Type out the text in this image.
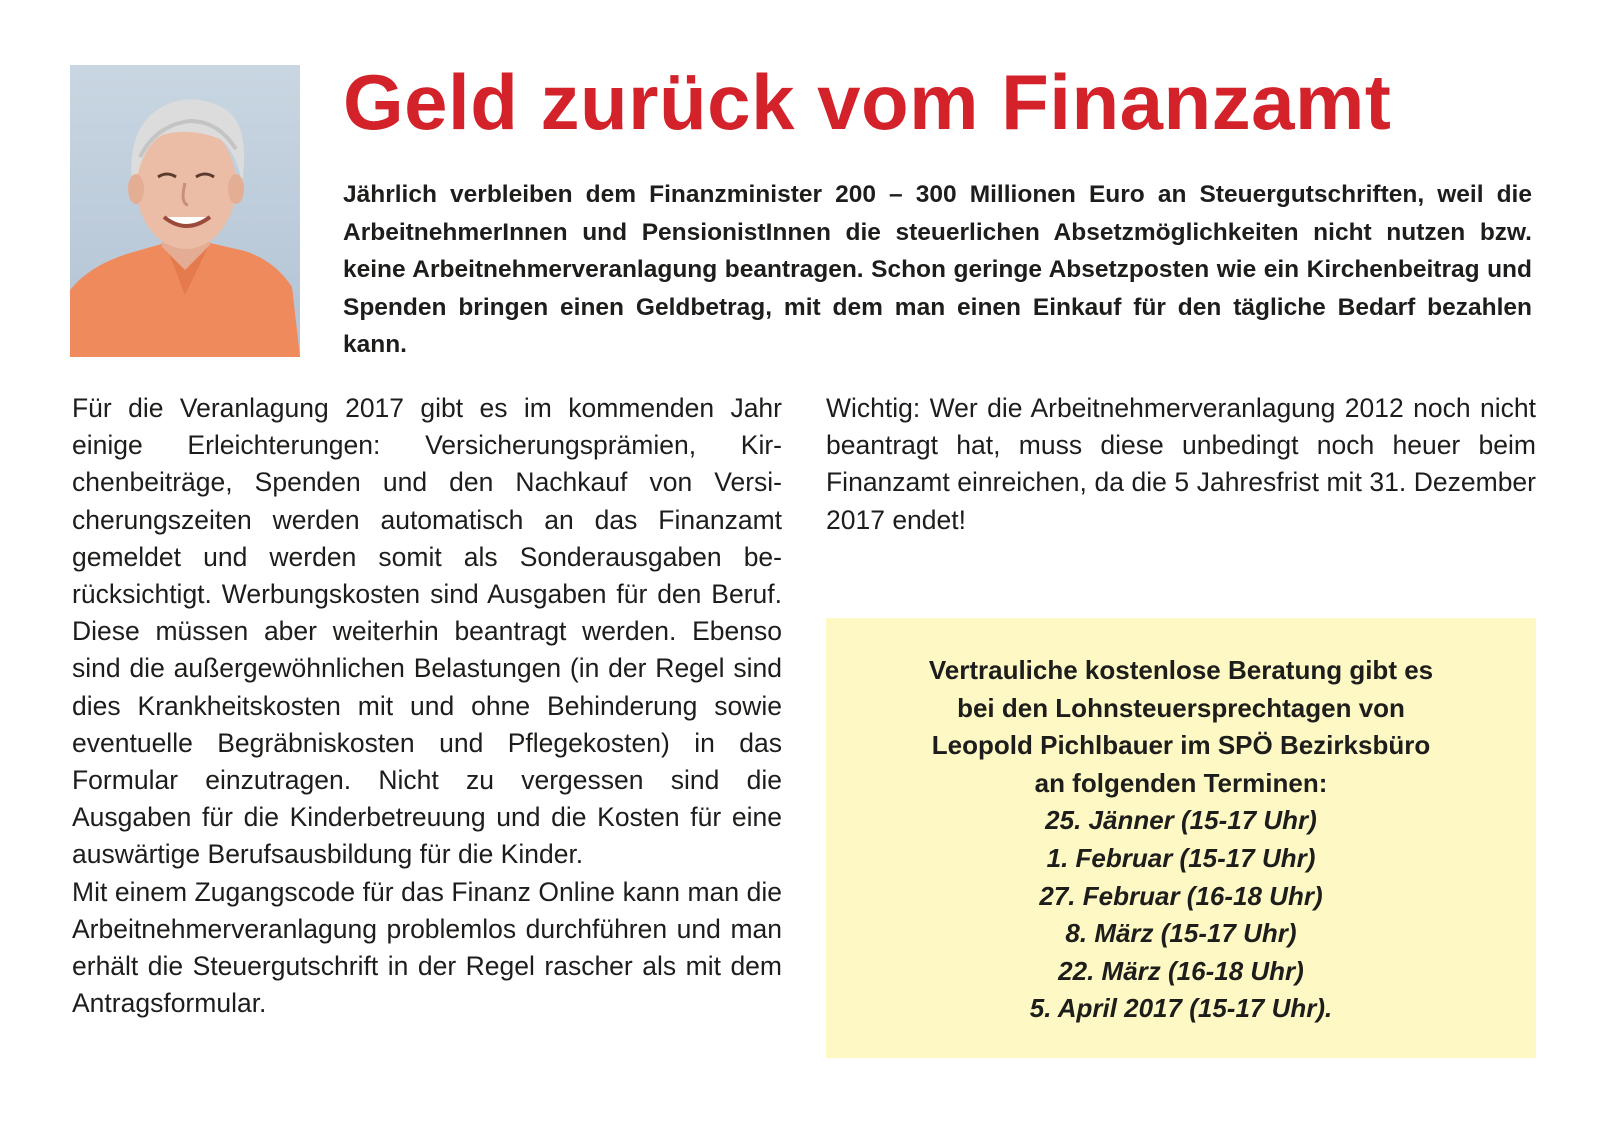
Geld zurück vom Finanzamt

Jährlich verbleiben dem Finanzminister 200 – 300 Millionen Euro an Steuergutschriften, weil die ArbeitnehmerInnen und PensionistInnen die steuerlichen Absetzmöglichkeiten nicht nutzen bzw. keine Arbeitnehmerveranlagung beantragen. Schon geringe Absetzposten wie ein Kirchenbeitrag und Spenden bringen einen Geldbetrag, mit dem man einen Einkauf für den tägliche Bedarf bezahlen kann.

Für die Veranlagung 2017 gibt es im kommenden Jahr einige Erleichterungen: Versicherungsprämien, Kirchenbeiträge, Spenden und den Nachkauf von Versicherungszeiten werden automatisch an das Finanzamt gemeldet und werden somit als Sonderausgaben berücksichtigt. Werbungskosten sind Ausgaben für den Beruf. Diese müssen aber weiterhin beantragt werden. Ebenso sind die außergewöhnlichen Belastungen (in der Regel sind dies Krankheitskosten mit und ohne Behinderung sowie eventuelle Begräbniskosten und Pflegekosten) in das Formular einzutragen. Nicht zu vergessen sind die Ausgaben für die Kinderbetreuung und die Kosten für eine auswärtige Berufsausbildung für die Kinder.

Mit einem Zugangscode für das Finanz Online kann man die Arbeitnehmerveranlagung problemlos durchführen und man erhält die Steuergutschrift in der Regel rascher als mit dem Antragsformular.

Wichtig: Wer die Arbeitnehmerveranlagung 2012 noch nicht beantragt hat, muss diese unbedingt noch heuer beim Finanzamt einreichen, da die 5 Jahresfrist mit 31. Dezember 2017 endet!

Vertrauliche kostenlose Beratung gibt es

bei den Lohnsteuersprechtagen von

Leopold Pichlbauer im SPÖ Bezirksbüro

an folgenden Terminen:

25. Jänner (15-17 Uhr)
1. Februar (15-17 Uhr)
27. Februar (16-18 Uhr)
8. März (15-17 Uhr)
22. März (16-18 Uhr)
5. April 2017 (15-17 Uhr).
